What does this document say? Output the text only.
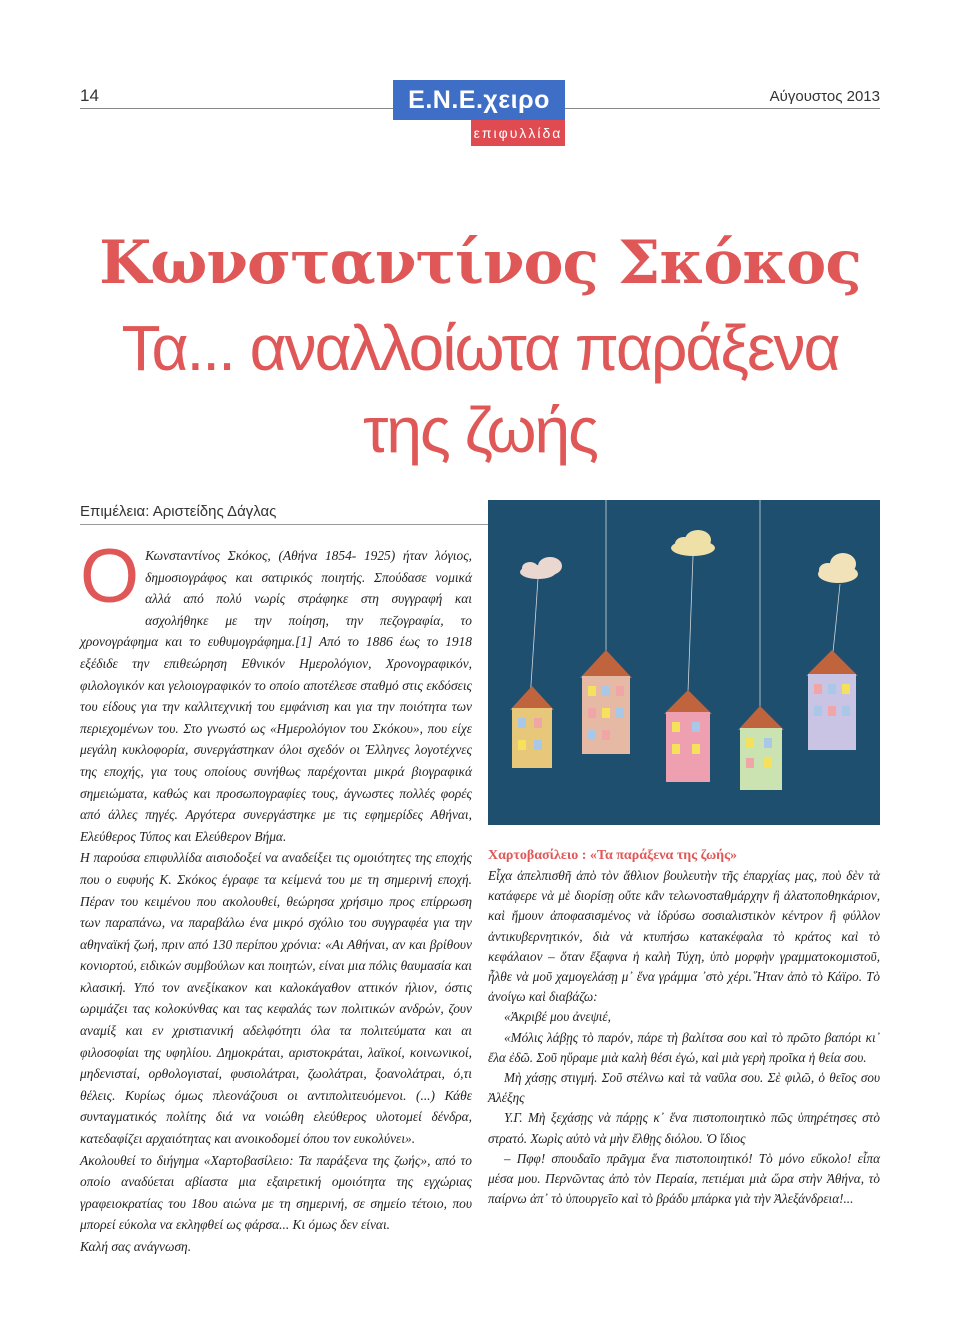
14	Αύγουστος 2013
Ε.Ν.Ε.χειρο
επιφυλλίδα
Κωνσταντίνος Σκόκος
Τα... αναλλοίωτα παράξενα
της ζωής
Επιμέλεια: Αριστείδης Δάγλας

Ο Κωνσταντίνος Σκόκος, (Αθήνα 1854- 1925) ήταν λόγιος, δημοσιογράφος και σατιρικός ποιητής. Σπούδασε νομικά αλλά από πολύ νωρίς στράφηκε στη συγγραφή και ασχολήθηκε με την ποίηση, την πεζογραφία, το χρονογράφημα και το ευθυμογράφημα.[1] Από το 1886 έως το 1918 εξέδιδε την επιθεώρηση Εθνικόν Ημερολόγιον, Χρονογραφικόν, φιλολογικόν και γελοιογραφικόν το οποίο αποτέλεσε σταθμό στις εκδόσεις του είδους για την καλλιτεχνική του εμφάνιση και για την ποιότητα των περιεχομένων του. Στο γνωστό ως «Ημερολόγιον του Σκόκου», που είχε μεγάλη κυκλοφορία, συνεργάστηκαν όλοι σχεδόν οι Έλληνες λογοτέχνες της εποχής, για τους οποίους συνήθως παρέχονται μικρά βιογραφικά σημειώματα, καθώς και προσωπογραφίες τους, άγνωστες πολλές φορές από άλλες πηγές. Αργότερα συνεργάστηκε με τις εφημερίδες Αθήναι, Ελεύθερος Τύπος και Ελεύθερον Βήμα.

Η παρούσα επιφυλλίδα αισιοδοξεί να αναδείξει τις ομοιότητες της εποχής που ο ευφυής Κ. Σκόκος έγραφε τα κείμενά του με τη σημερινή εποχή. Πέραν του κειμένου που ακολουθεί, θεώρησα χρήσιμο προς επίρρωση των παραπάνω, να παραβάλω ένα μικρό σχόλιο του συγγραφέα για την αθηναϊκή ζωή, πριν από 130 περίπου χρόνια: «Αι Αθήναι, αν και βρίθουν κονιορτού, ειδικών συμβούλων και ποιητών, είναι μια πόλις θαυμασία και κλασική. Υπό τον ανεξίκακον και καλοκάγαθον αττικόν ήλιον, όστις ωριμάζει τας κολοκύνθας και τας κεφαλάς των πολιτικών ανδρών, ζουν αναμίξ και εν χριστιανική αδελφότητι όλα τα πολιτεύματα και αι φιλοσοφίαι της υφηλίου. Δημοκράται, αριστοκράται, λαϊκοί, κοινωνικοί, μηδενισταί, ορθολογισταί, φυσιολάτραι, ζωολάτραι, ξοανολάτραι, ό,τι θέλεις. Κυρίως όμως πλεονάζουσι οι αντιπολιτευόμενοι. (...) Κάθε συνταγματικός πολίτης διά να νοιώθη ελεύθερος υλοτομεί δένδρα, κατεδαφίζει αρχαιότητας και ανοικοδομεί όπου τον ευκολύνει».

Ακολουθεί το διήγημα «Χαρτοβασίλειο: Τα παράξενα της ζωής», από το οποίο αναδύεται αβίαστα μια εξαιρετική ομοιότητα της εγχώριας γραφειοκρατίας του 18ου αιώνα με τη σημερινή, σε σημείο τέτοιο, που μπορεί εύκολα να εκληφθεί ως φάρσα... Κι όμως δεν είναι.

Καλή σας ανάγνωση.

Χαρτοβασίλειο : «Τα παράξενα της ζωής»

Εἶχα ἀπελπισθῆ ἀπὸ τὸν ἄθλιον βουλευτὴν τῆς ἐπαρχίας μας, ποὺ δὲν τὰ κατάφερε νὰ μὲ διορίσῃ οὔτε κἂν τελωνοσταθμάρχην ἢ ἀλατοποθηκάριον, καὶ ἤμουν ἀποφασισμένος νὰ ἱδρύσω σοσιαλιστικὸν κέντρον ἢ φύλλον ἀντικυβερνητικόν, διὰ νὰ κτυπήσω κατακέφαλα τὸ κράτος καὶ τὸ κεφάλαιον – ὅταν ἔξαφνα ἡ καλὴ Τύχη, ὑπὸ μορφὴν γραμματοκομιστοῦ, ἦλθε νὰ μοῦ χαμογελάσῃ μ᾽ ἕνα γράμμα ᾽στὸ χέρι.῞Ηταν ἀπὸ τὸ Κάϊρο. Τὸ ἀνοίγω καὶ διαβάζω:

«Ἀκριβέ μου ἀνεψιέ,

«Μόλις λάβῃς τὸ παρόν, πάρε τὴ βαλίτσα σου καὶ τὸ πρῶτο βαπόρι κι᾽ ἔλα ἐδῶ. Σοῦ ηὕραμε μιὰ καλὴ θέσι ἐγώ, καὶ μιὰ γερὴ προῖκα ἡ θεία σου.

Μὴ χάσῃς στιγμή. Σοῦ στέλνω καὶ τὰ ναῦλα σου. Σὲ φιλῶ, ὁ θεῖος σου Ἀλέξης

Υ.Γ. Μὴ ξεχάσῃς νὰ πάρῃς κ᾽ ἕνα πιστοποιητικὸ πῶς ὑπηρέτησες στὸ στρατό. Χωρὶς αὐτὸ νὰ μὴν ἔλθῃς διόλου. Ὁ ἴδιος

– Πφφ! σπουδαῖο πρᾶγμα ἕνα πιστοποιητικό! Τὸ μόνο εὔκολο! εἶπα μέσα μου. Περνῶντας ἀπὸ τὸν Περαία, πετιέμαι μιὰ ὥρα στὴν Ἀθήνα, τὸ παίρνω ἀπ᾽ τὸ ὑπουργεῖο καὶ τὸ βράδυ μπάρκα γιὰ τὴν Ἀλεξάνδρεια!...
